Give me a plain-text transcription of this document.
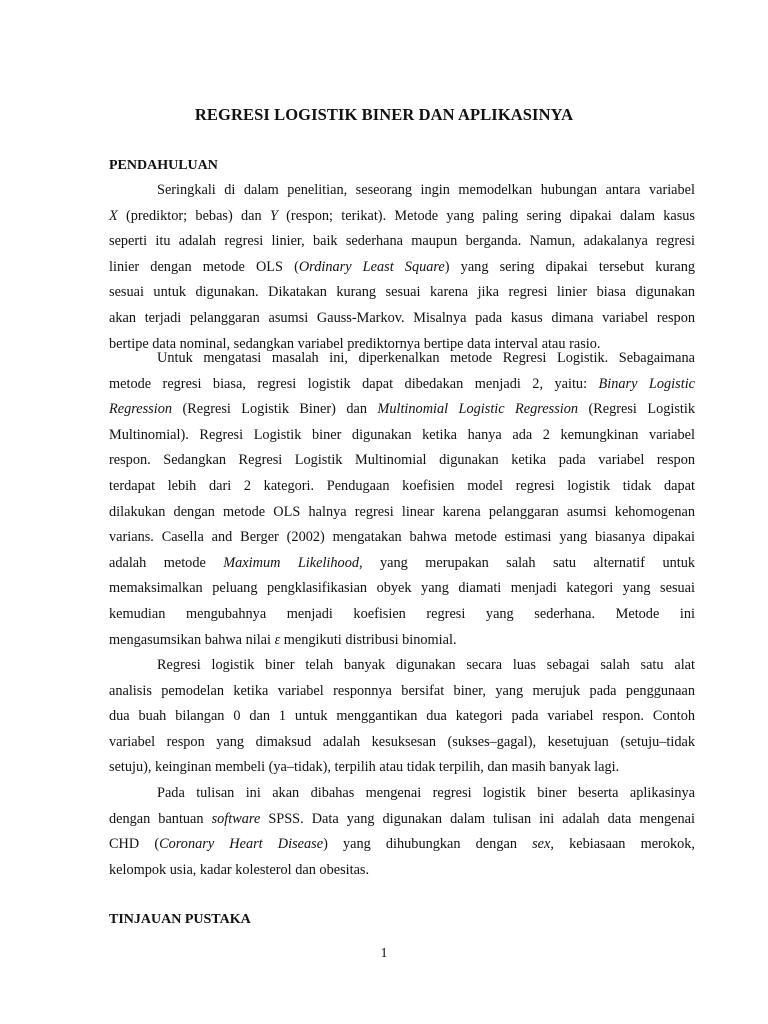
REGRESI LOGISTIK BINER DAN APLIKASINYA
PENDAHULUAN
Seringkali di dalam penelitian, seseorang ingin memodelkan hubungan antara variabel
X (prediktor; bebas) dan Y (respon; terikat). Metode yang paling sering dipakai dalam kasus
seperti itu adalah regresi linier, baik sederhana maupun berganda. Namun, adakalanya regresi
linier dengan metode OLS (Ordinary Least Square) yang sering dipakai tersebut kurang
sesuai untuk digunakan. Dikatakan kurang sesuai karena jika regresi linier biasa digunakan
akan terjadi pelanggaran asumsi Gauss-Markov. Misalnya pada kasus dimana variabel respon
bertipe data nominal, sedangkan variabel prediktornya bertipe data interval atau rasio.
Untuk mengatasi masalah ini, diperkenalkan metode Regresi Logistik. Sebagaimana
metode regresi biasa, regresi logistik dapat dibedakan menjadi 2, yaitu: Binary Logistic
Regression (Regresi Logistik Biner) dan Multinomial Logistic Regression (Regresi Logistik
Multinomial). Regresi Logistik biner digunakan ketika hanya ada 2 kemungkinan variabel
respon. Sedangkan Regresi Logistik Multinomial digunakan ketika pada variabel respon
terdapat lebih dari 2 kategori. Pendugaan koefisien model regresi logistik tidak dapat
dilakukan dengan metode OLS halnya regresi linear karena pelanggaran asumsi kehomogenan
varians. Casella and Berger (2002) mengatakan bahwa metode estimasi yang biasanya dipakai
adalah metode Maximum Likelihood, yang merupakan salah satu alternatif untuk
memaksimalkan peluang pengklasifikasian obyek yang diamati menjadi kategori yang sesuai
kemudian mengubahnya menjadi koefisien regresi yang sederhana. Metode ini
mengasumsikan bahwa nilai ε mengikuti distribusi binomial.
Regresi logistik biner telah banyak digunakan secara luas sebagai salah satu alat
analisis pemodelan ketika variabel responnya bersifat biner, yang merujuk pada penggunaan
dua buah bilangan 0 dan 1 untuk menggantikan dua kategori pada variabel respon. Contoh
variabel respon yang dimaksud adalah kesuksesan (sukses–gagal), kesetujuan (setuju–tidak
setuju), keinginan membeli (ya–tidak), terpilih atau tidak terpilih, dan masih banyak lagi.
Pada tulisan ini akan dibahas mengenai regresi logistik biner beserta aplikasinya
dengan bantuan software SPSS. Data yang digunakan dalam tulisan ini adalah data mengenai
CHD (Coronary Heart Disease) yang dihubungkan dengan sex, kebiasaan merokok,
kelompok usia, kadar kolesterol dan obesitas.
TINJAUAN PUSTAKA
1
